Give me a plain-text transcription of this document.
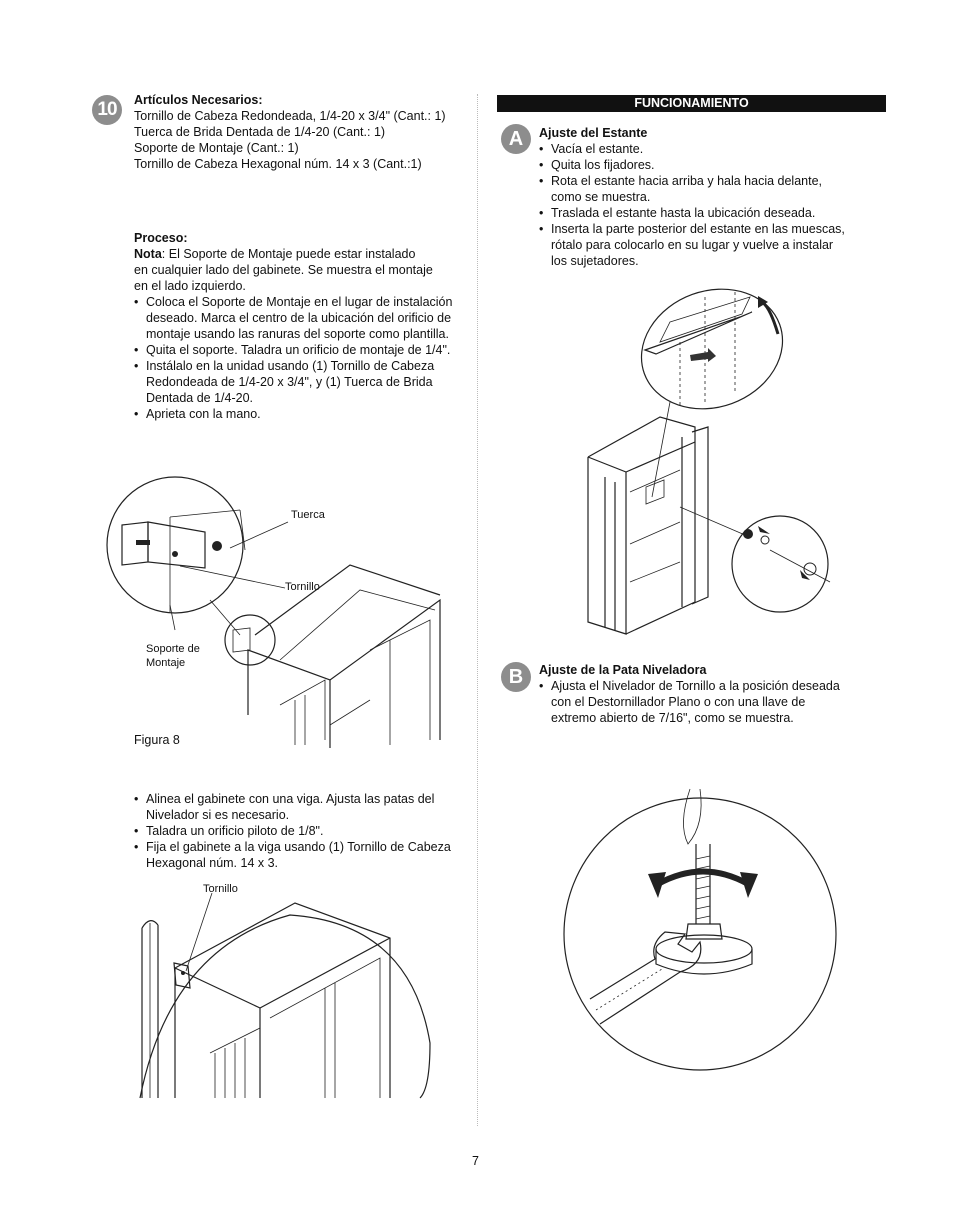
10	Artículos Necesarios:
Tornillo de Cabeza Redondeada, 1/4-20 x 3/4" (Cant.: 1)
Tuerca de Brida Dentada de 1/4-20 (Cant.: 1)
Soporte de Montaje (Cant.: 1)
Tornillo de Cabeza Hexagonal núm. 14 x 3 (Cant.:1)
Proceso:
Nota: El Soporte de Montaje puede estar instalado
en cualquier lado del gabinete. Se muestra el montaje
en el lado izquierdo.
• Coloca el Soporte de Montaje en el lugar de instalación
deseado. Marca el centro de la ubicación del orificio de
montaje usando las ranuras del soporte como plantilla.
• Quita el soporte. Taladra un orificio de montaje de 1/4".
• Instálalo en la unidad usando (1) Tornillo de Cabeza
Redondeada de 1/4-20 x 3/4", y (1) Tuerca de Brida
Dentada de 1/4-20.
• Aprieta con la mano.
Tuerca
Tornillo
Soporte de
Montaje
Figura 8
• Alinea el gabinete con una viga. Ajusta las patas del
Nivelador si es necesario.
• Taladra un orificio piloto de 1/8".
• Fija el gabinete a la viga usando (1) Tornillo de Cabeza
Hexagonal núm. 14 x 3.
Tornillo
FUNCIONAMIENTO
A	Ajuste del Estante
• Vacía el estante.
• Quita los fijadores.
• Rota el estante hacia arriba y hala hacia delante,
como se muestra.
• Traslada el estante hasta la ubicación deseada.
• Inserta la parte posterior del estante en las muescas,
rótalo para colocarlo en su lugar y vuelve a instalar
los sujetadores.
B	Ajuste de la Pata Niveladora
• Ajusta el Nivelador de Tornillo a la posición deseada
con el Destornillador Plano o con una llave de
extremo abierto de 7/16", como se muestra.
7
